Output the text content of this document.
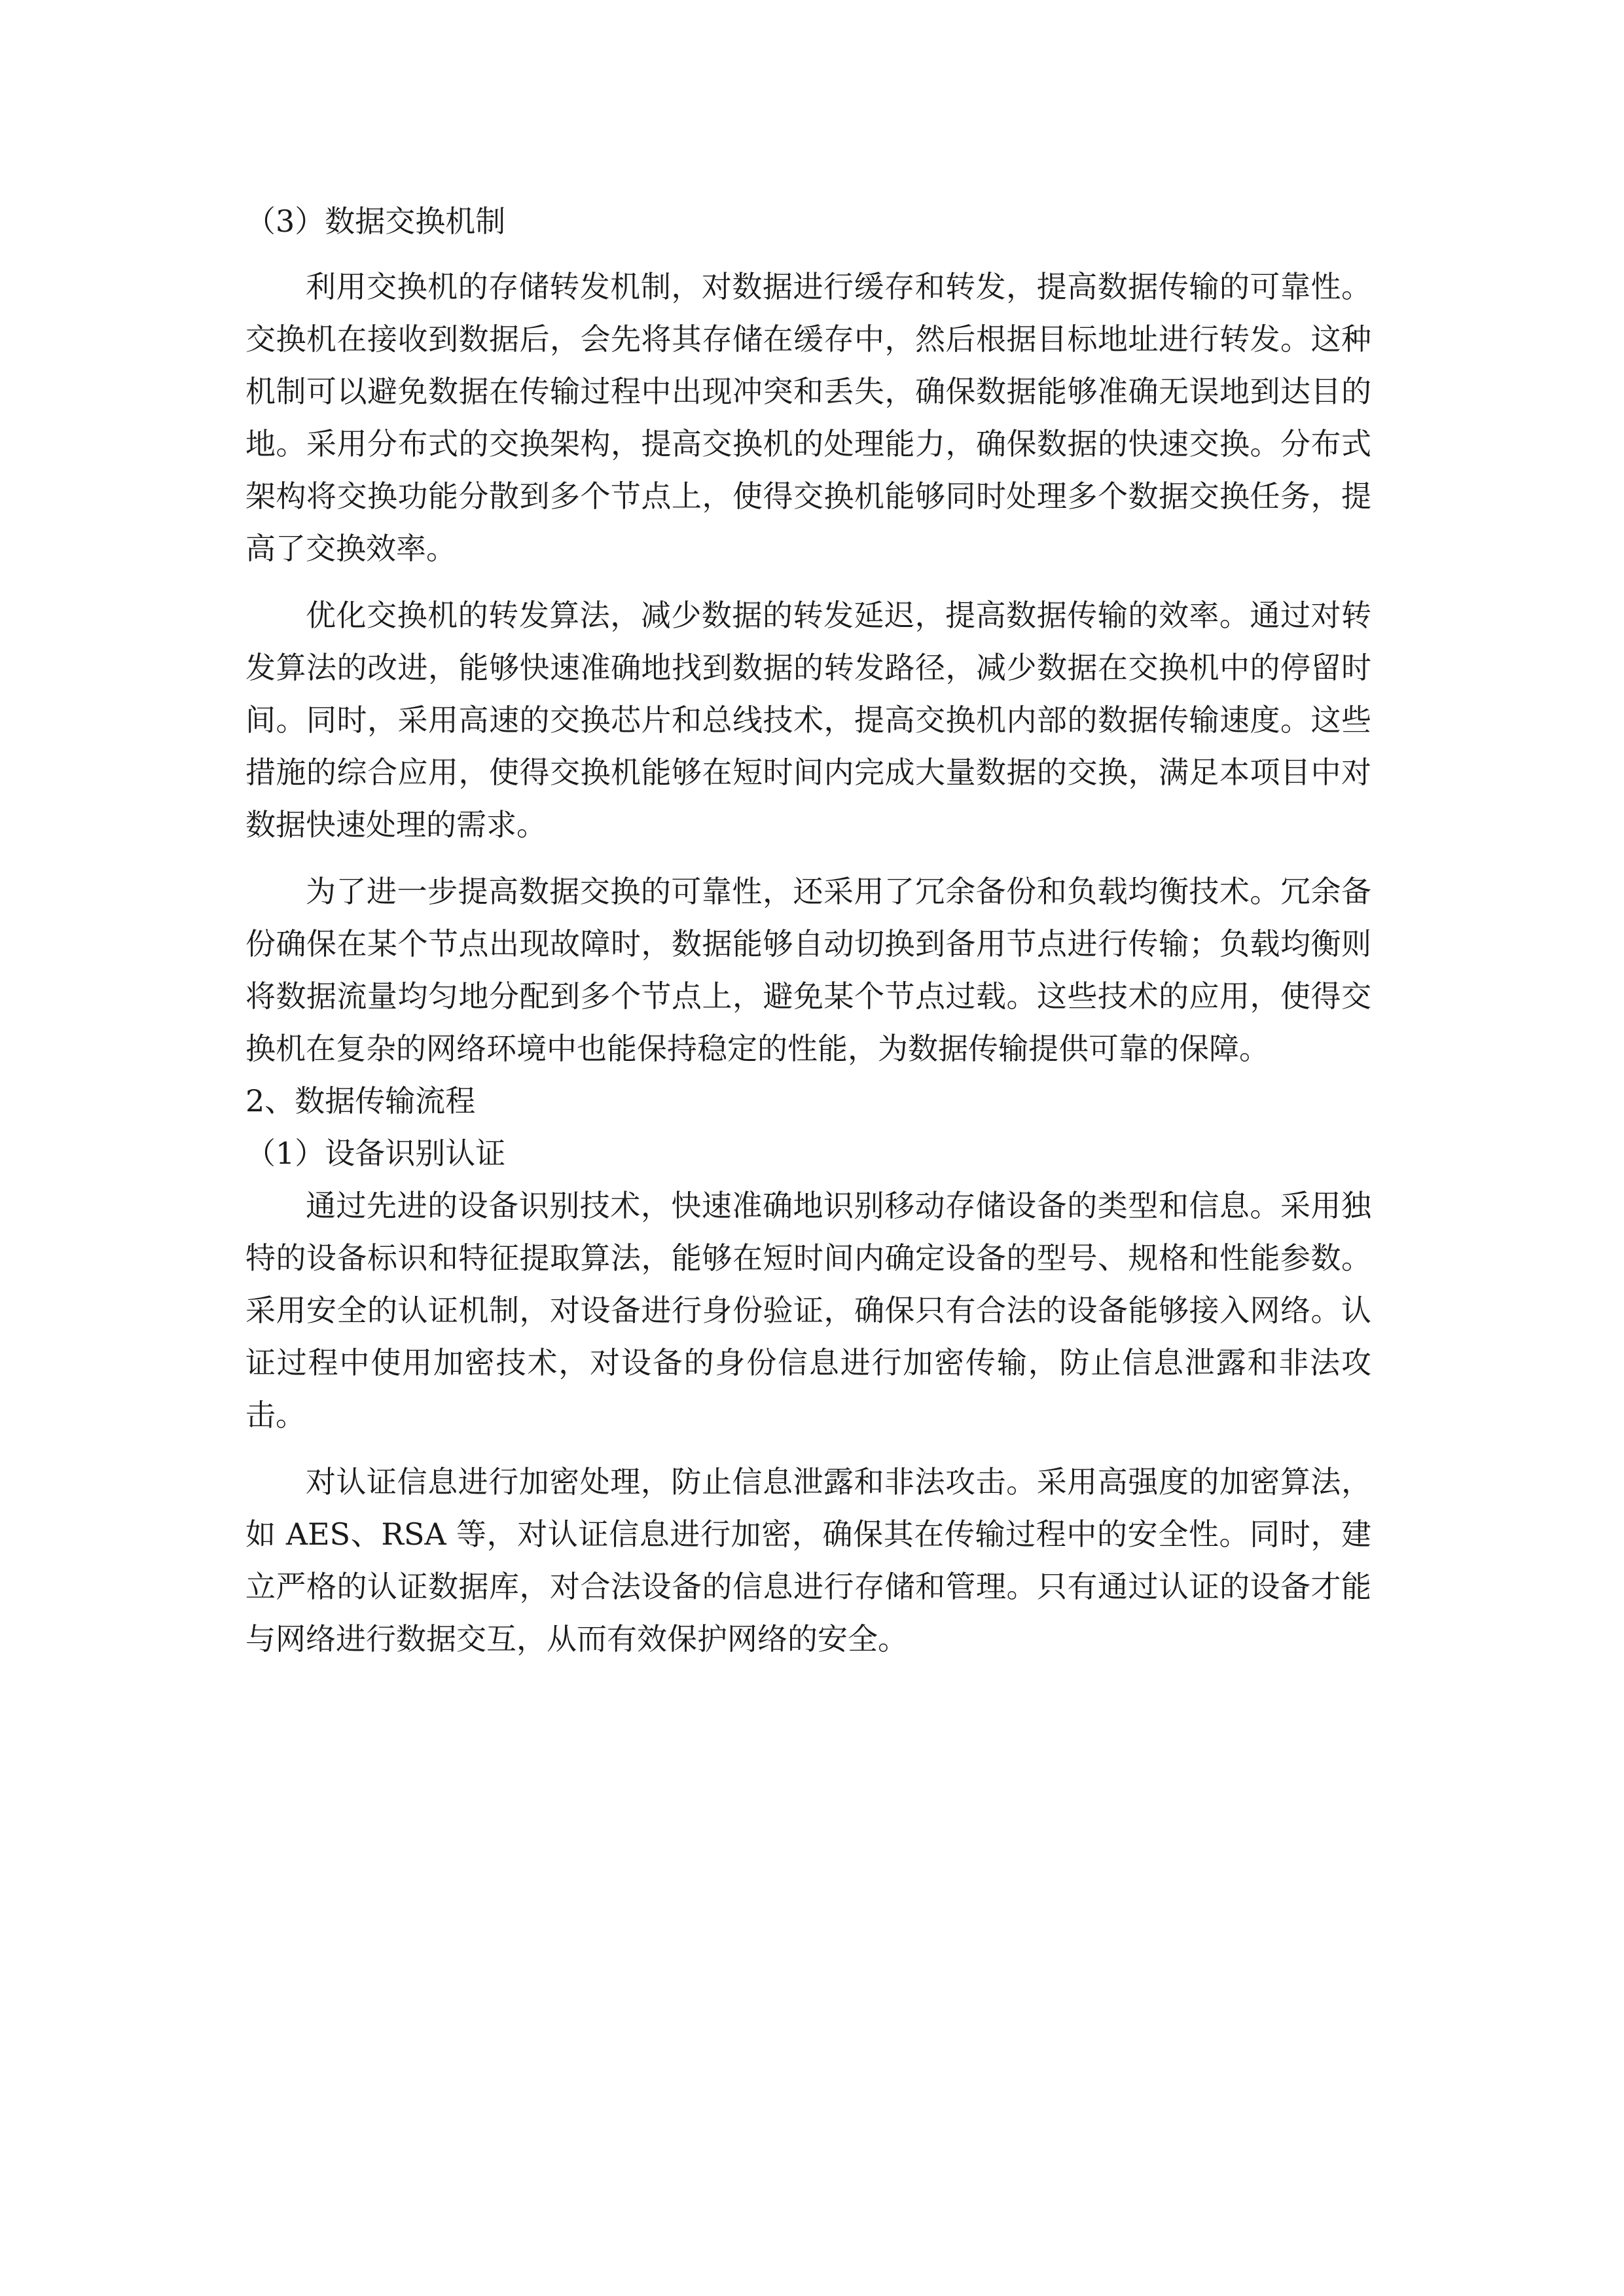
（3）数据交换机制

利用交换机的存储转发机制，对数据进行缓存和转发，提高数据传输的可靠性。交换机在接收到数据后，会先将其存储在缓存中，然后根据目标地址进行转发。这种机制可以避免数据在传输过程中出现冲突和丢失，确保数据能够准确无误地到达目的地。采用分布式的交换架构，提高交换机的处理能力，确保数据的快速交换。分布式架构将交换功能分散到多个节点上，使得交换机能够同时处理多个数据交换任务，提高了交换效率。

优化交换机的转发算法，减少数据的转发延迟，提高数据传输的效率。通过对转发算法的改进，能够快速准确地找到数据的转发路径，减少数据在交换机中的停留时间。同时，采用高速的交换芯片和总线技术，提高交换机内部的数据传输速度。这些措施的综合应用，使得交换机能够在短时间内完成大量数据的交换，满足本项目中对数据快速处理的需求。

为了进一步提高数据交换的可靠性，还采用了冗余备份和负载均衡技术。冗余备份确保在某个节点出现故障时，数据能够自动切换到备用节点进行传输；负载均衡则将数据流量均匀地分配到多个节点上，避免某个节点过载。这些技术的应用，使得交换机在复杂的网络环境中也能保持稳定的性能，为数据传输提供可靠的保障。

2、数据传输流程

（1）设备识别认证

通过先进的设备识别技术，快速准确地识别移动存储设备的类型和信息。采用独特的设备标识和特征提取算法，能够在短时间内确定设备的型号、规格和性能参数。采用安全的认证机制，对设备进行身份验证，确保只有合法的设备能够接入网络。认证过程中使用加密技术，对设备的身份信息进行加密传输，防止信息泄露和非法攻击。

对认证信息进行加密处理，防止信息泄露和非法攻击。采用高强度的加密算法，如 AES、RSA 等，对认证信息进行加密，确保其在传输过程中的安全性。同时，建立严格的认证数据库，对合法设备的信息进行存储和管理。只有通过认证的设备才能与网络进行数据交互，从而有效保护网络的安全。
